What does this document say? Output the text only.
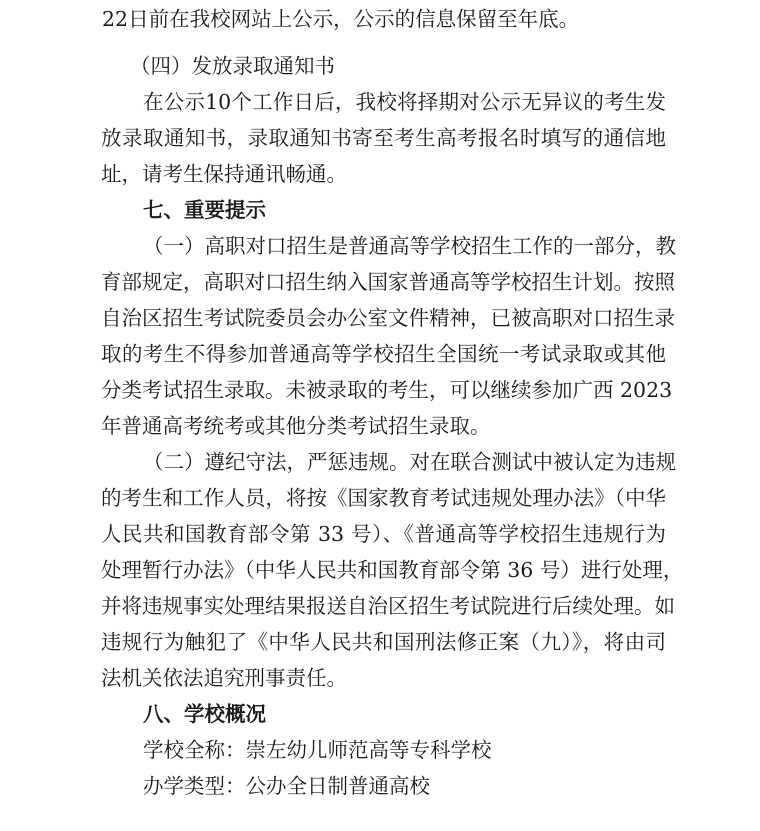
22日前在我校网站上公示，公示的信息保留至年底。
（四）发放录取通知书
在公示10个工作日后，我校将择期对公示无异议的考生发
放录取通知书，录取通知书寄至考生高考报名时填写的通信地
址，请考生保持通讯畅通。
七、重要提示
（一）高职对口招生是普通高等学校招生工作的一部分，教
育部规定，高职对口招生纳入国家普通高等学校招生计划。按照
自治区招生考试院委员会办公室文件精神，已被高职对口招生录
取的考生不得参加普通高等学校招生全国统一考试录取或其他
分类考试招生录取。未被录取的考生，可以继续参加广西 2023
年普通高考统考或其他分类考试招生录取。
（二）遵纪守法，严惩违规。对在联合测试中被认定为违规
的考生和工作人员，将按《国家教育考试违规处理办法》（中华
人民共和国教育部令第 33 号）、《普通高等学校招生违规行为
处理暂行办法》（中华人民共和国教育部令第 36 号）进行处理，
并将违规事实处理结果报送自治区招生考试院进行后续处理。如
违规行为触犯了《中华人民共和国刑法修正案（九）》，将由司
法机关依法追究刑事责任。
八、学校概况
学校全称：崇左幼儿师范高等专科学校
办学类型：公办全日制普通高校
